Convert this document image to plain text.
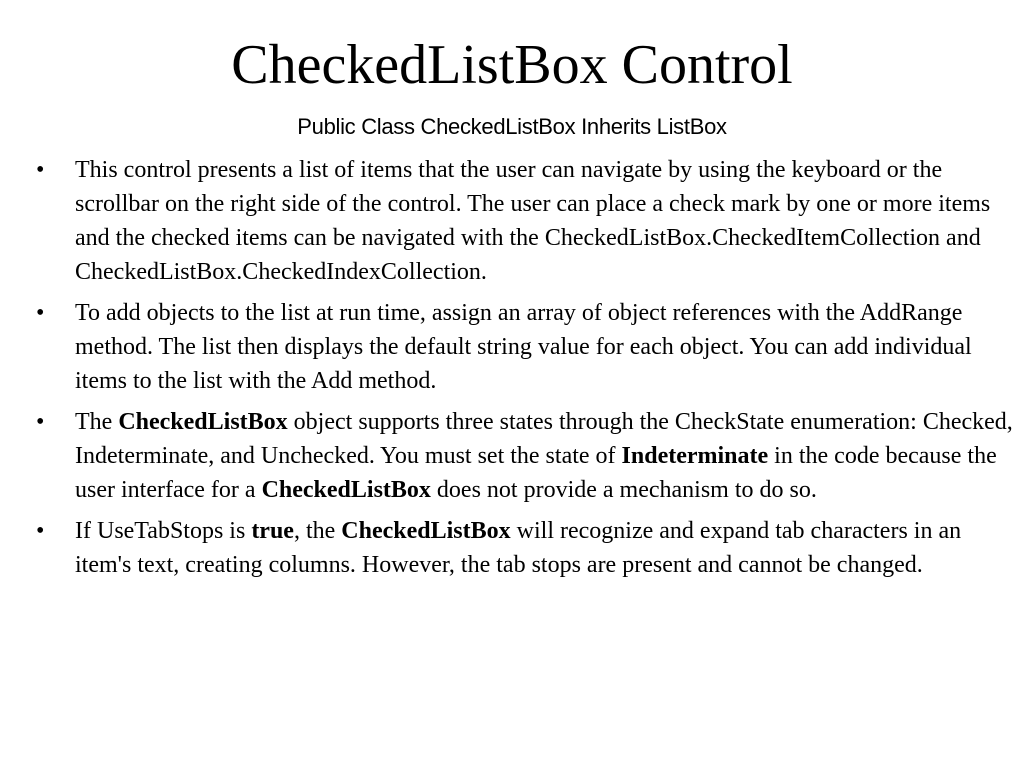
CheckedListBox Control
Public Class CheckedListBox Inherits ListBox
•	This control presents a list of items that the user can navigate by using the keyboard or the scrollbar on the right side of the control. The user can place a check mark by one or more items and the checked items can be navigated with the CheckedListBox.CheckedItemCollection and CheckedListBox.CheckedIndexCollection.
•	To add objects to the list at run time, assign an array of object references with the AddRange method. The list then displays the default string value for each object. You can add individual items to the list with the Add method.
•	The CheckedListBox object supports three states through the CheckState enumeration: Checked, Indeterminate, and Unchecked. You must set the state of Indeterminate in the code because the user interface for a CheckedListBox does not provide a mechanism to do so.
•	If UseTabStops is true, the CheckedListBox will recognize and expand tab characters in an item's text, creating columns. However, the tab stops are present and cannot be changed.
